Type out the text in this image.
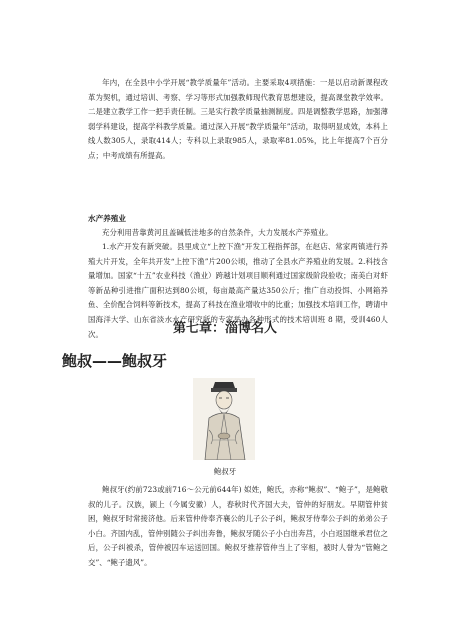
年内，在全县中小学开展“教学质量年”活动。主要采取4项措施：一是以启动新课程改革为契机，通过培训、考察、学习等形式加强教师现代教育思想建设，提高课堂教学效率。二是建立教学工作一把手责任制。三是实行教学质量抽测制度。四是调整教学思路，加强薄弱学科建设，提高学科教学质量。通过深入开展“教学质量年”活动，取得明显成效，本科上线人数305人，录取414人；专科以上录取985人，录取率81.05%，比上年提高7个百分点；中考成绩有所提高。

水产养殖业

充分利用昔靠黄河且盖碱低洼地多的自然条件，大力发展水产养殖业。

1.水产开发有新突破。县里成立“上控下渔”开发工程指挥部，在赵店、常家两镇进行养殖大片开发，全年共开发“上控下渔”片200公顷，推动了全县水产养殖业的发展。2.科技含量增加。国家“十五”农业科技（渔业）跨越计划项目顺利通过国家级阶段验收；南美白对虾等新品种引进推广面积达到80公顷，每亩最高产量达350公斤；推广自动投饵、小网箱养鱼、全价配合饲料等新技术，提高了科技在渔业增收中的比重；加强技术培训工作，聘请中国海洋大学、山东省淡水水产研究所的专家举办各种形式的技术培训班 8 期，受训460人次。	第七章：淄博名人
鲍叔——鲍叔牙

鲍叔牙

鲍叔牙(约前723或前716～公元前644年) 姒姓，鲍氏，亦称“鲍叔”、“鲍子”，是鲍敬叔的儿子。汉族，颍上（今属安徽）人，春秋时代齐国大夫，管仲的好朋友。早期管仲贫困，鲍叔牙时常接济他。后来管仲侍奉齐襄公的儿子公子纠，鲍叔牙侍奉公子纠的弟弟公子小白。齐国内乱，管仲别随公子纠出奔鲁，鲍叔牙随公子小白出奔莒，小白返国继承君位之后，公子纠被杀，管仲被囚车运送回国。鲍叔牙推荐管仲当上了宰相，被时人誉为“管鲍之交”、“鲍子遗风”。
